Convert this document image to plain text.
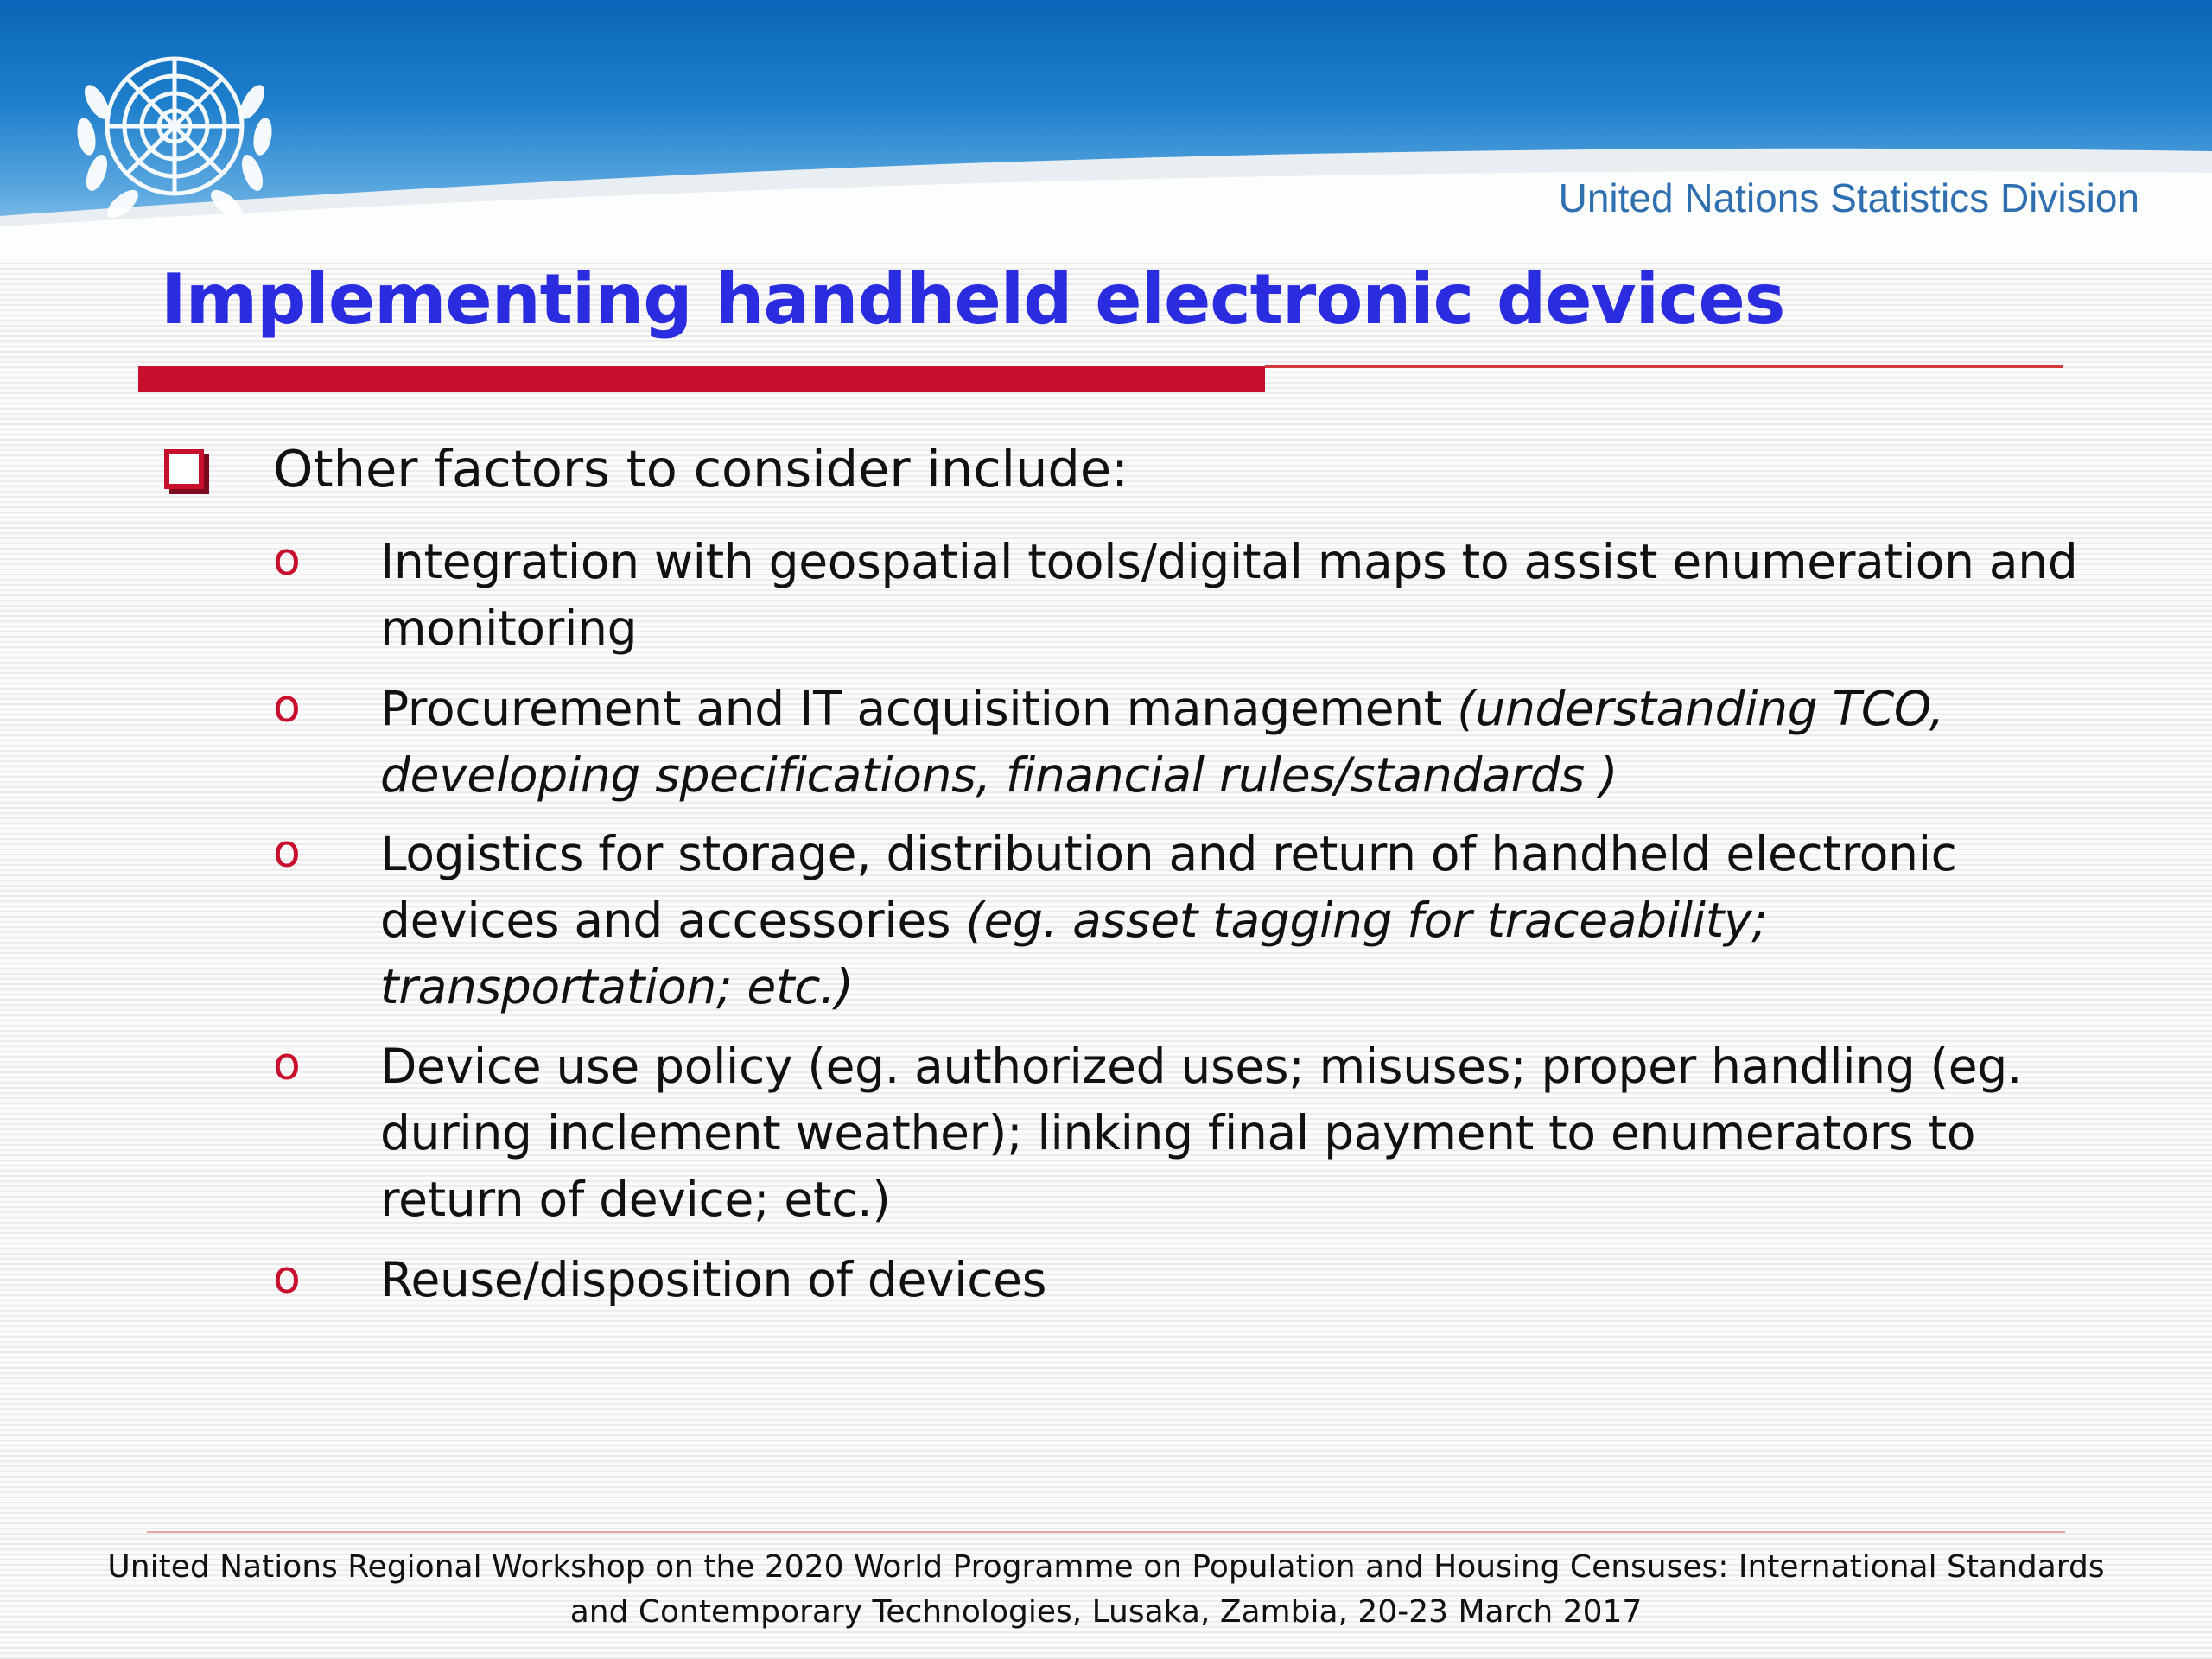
United Nations Statistics Division
Implementing handheld electronic devices
Other factors to consider include:
o Integration with geospatial tools/digital maps to assist enumeration and monitoring
o Procurement and IT acquisition management (understanding TCO, developing specifications, financial rules/standards )
o Logistics for storage, distribution and return of handheld electronic devices and accessories (eg. asset tagging for traceability; transportation; etc.)
o Device use policy (eg. authorized uses; misuses; proper handling (eg. during inclement weather); linking final payment to enumerators to return of device; etc.)
o Reuse/disposition of devices
United Nations Regional Workshop on the 2020 World Programme on Population and Housing Censuses: International Standards
and Contemporary Technologies, Lusaka, Zambia, 20-23 March 2017
